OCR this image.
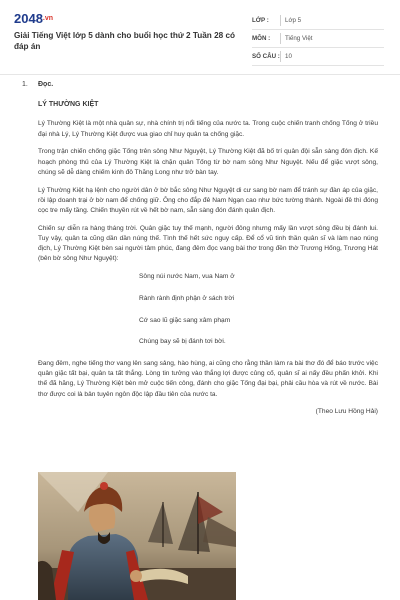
$2048^{.vn}$
Giải Tiếng Việt lớp 5 dành cho buổi học thứ 2 Tuần 28 có đáp án
LỚP :	Lớp 5
MÔN :	Tiếng Việt
SỐ CÂU : 10
1.	Đọc.
LÝ THƯỜNG KIỆT

Lý Thường Kiệt là một nhà quân sự, nhà chính trị nổi tiếng của nước ta. Trong cuộc chiến tranh chống Tống ở triều đại nhà Lý, Lý Thường Kiệt được vua giao chỉ huy quân ta chống giặc.

Trong trận chiến chống giặc Tống trên sông Như Nguyệt, Lý Thường Kiệt đã bố trí quân đội sẵn sàng đón địch. Kế hoạch phòng thủ của Lý Thường Kiệt là chặn quân Tống từ bờ nam sông Như Nguyệt. Nếu để giặc vượt sông, chúng sẽ dễ dàng chiếm kinh đô Thăng Long như trở bàn tay.

Lý Thường Kiệt hạ lệnh cho người dân ở bờ bắc sông Như Nguyệt di cư sang bờ nam để tránh sự đàn áp của giặc, rồi lập doanh trại ở bờ nam để chống giữ. Ông cho đắp đê Nam Ngạn cao như bức tường thành. Ngoài đê thì đóng cọc tre mấy tầng. Chiến thuyền rút về hết bờ nam, sẵn sàng đón đánh quân địch.

Chiến sự diễn ra hàng tháng trời. Quân giặc tuy thế mạnh, người đông nhưng mấy lần vượt sông đều bị đánh lui. Tuy vậy, quân ta cũng dần dần núng thế. Tình thế hết sức nguy cấp. Để cổ vũ tinh thần quân sĩ và làm nao núng địch, Lý Thường Kiệt bèn sai người tâm phúc, đang đêm đọc vang bài thơ trong đền thờ Trương Hống, Trương Hát (bên bờ sông Như Nguyệt):

Sông núi nước Nam, vua Nam ở
Rành rành định phận ở sách trời
Cớ sao lũ giặc sang xâm phạm
Chúng bay sẽ bị đánh tơi bời.

Đang đêm, nghe tiếng thơ vang lên sang sảng, hào hùng, ai cũng cho rằng thần làm ra bài thơ đó để báo trước việc quân giặc tất bại, quân ta tất thắng. Lòng tin tưởng vào thắng lợi được củng cố, quân sĩ ai nấy đều phấn khởi. Khi thế đã hăng, Lý Thường Kiệt bèn mở cuộc tiến công, đánh cho giặc Tống đại bại, phải cầu hòa và rút về nước. Bài thơ được coi là bản tuyên ngôn độc lập đầu tiên của nước ta.

(Theo Lưu Hồng Hải)
